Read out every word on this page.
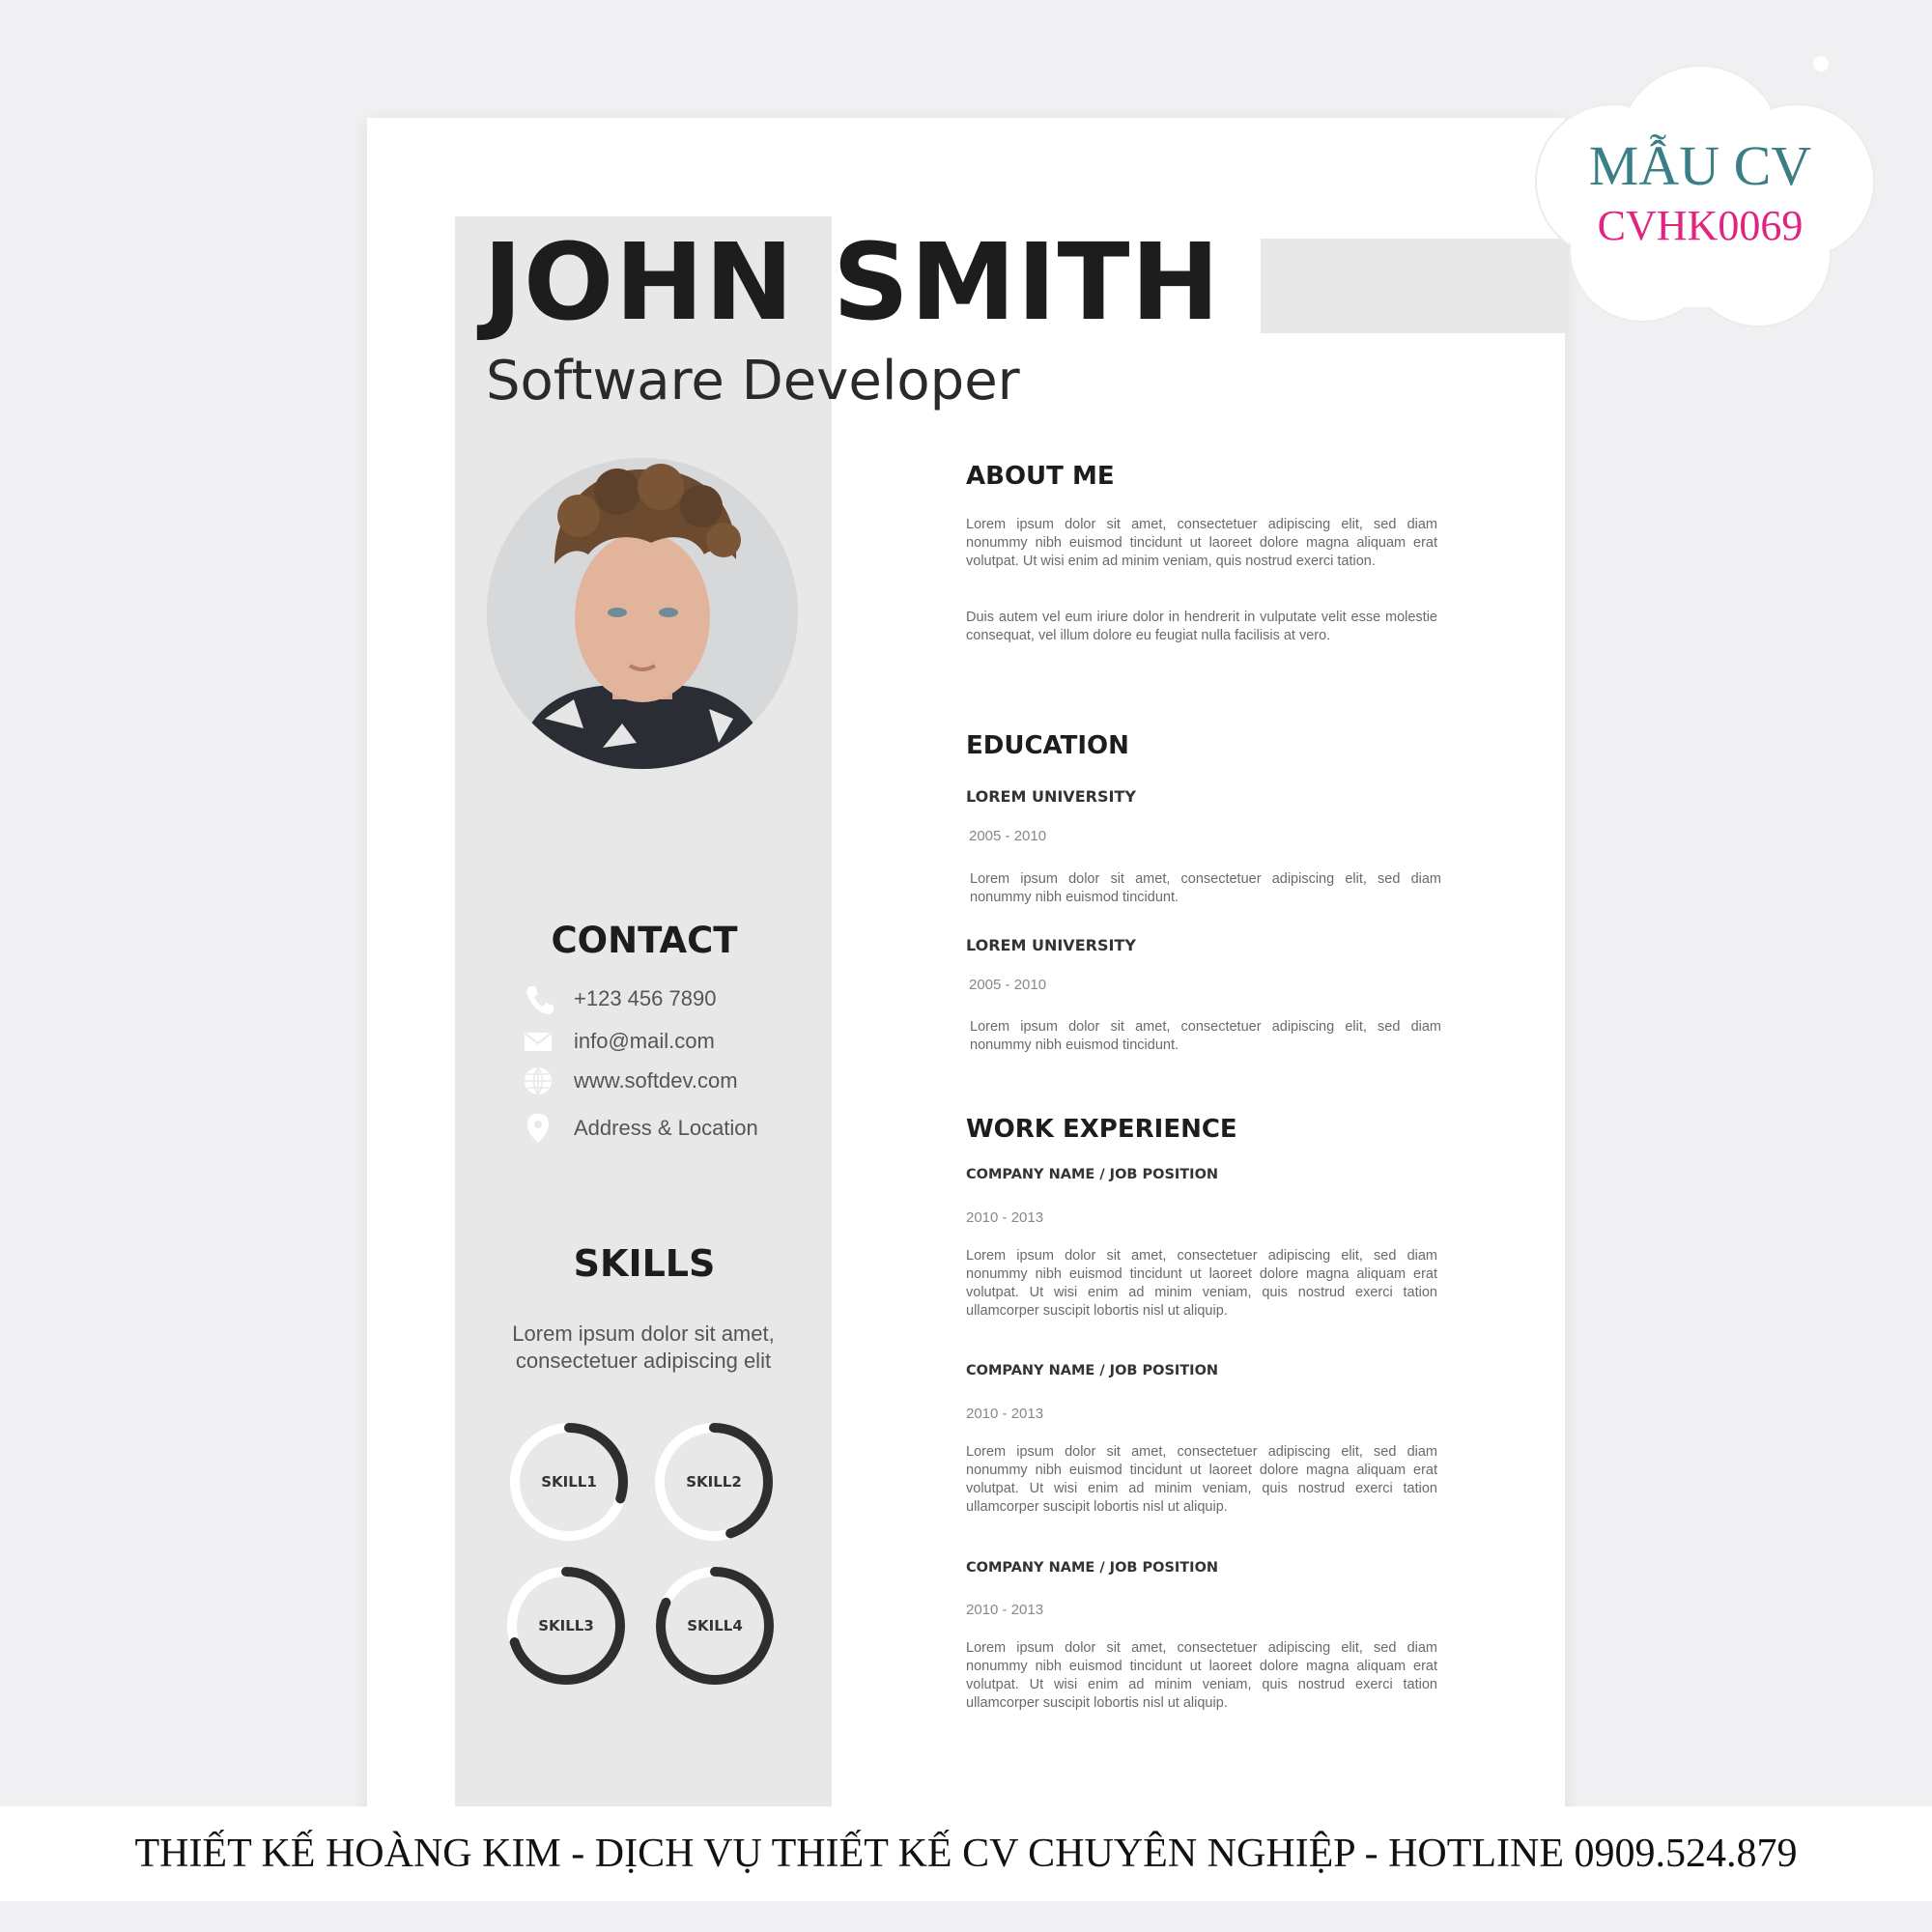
JOHN SMITH
Software Developer
CONTACT
+123 456 7890
info@mail.com
www.softdev.com
Address & Location
SKILLS
Lorem ipsum dolor sit amet, consectetuer adipiscing elit
SKILL1	SKILL2
SKILL3	SKILL4
ABOUT ME
Lorem ipsum dolor sit amet, consectetuer adipiscing elit, sed diam nonummy nibh euismod tincidunt ut laoreet dolore magna aliquam erat volutpat. Ut wisi enim ad minim veniam, quis nostrud exerci tation.
Duis autem vel eum iriure dolor in hendrerit in vulputate velit esse molestie consequat, vel illum dolore eu feugiat nulla facilisis at vero.
EDUCATION
LOREM UNIVERSITY
2005 - 2010
Lorem ipsum dolor sit amet, consectetuer adipiscing elit, sed diam nonummy nibh euismod tincidunt.
LOREM UNIVERSITY
2005 - 2010
Lorem ipsum dolor sit amet, consectetuer adipiscing elit, sed diam nonummy nibh euismod tincidunt.
WORK EXPERIENCE
COMPANY NAME / JOB POSITION
2010 - 2013
Lorem ipsum dolor sit amet, consectetuer adipiscing elit, sed diam nonummy nibh euismod tincidunt ut laoreet dolore magna aliquam erat volutpat. Ut wisi enim ad minim veniam, quis nostrud exerci tation ullamcorper suscipit lobortis nisl ut aliquip.
COMPANY NAME / JOB POSITION
2010 - 2013
Lorem ipsum dolor sit amet, consectetuer adipiscing elit, sed diam nonummy nibh euismod tincidunt ut laoreet dolore magna aliquam erat volutpat. Ut wisi enim ad minim veniam, quis nostrud exerci tation ullamcorper suscipit lobortis nisl ut aliquip.
COMPANY NAME / JOB POSITION
2010 - 2013
Lorem ipsum dolor sit amet, consectetuer adipiscing elit, sed diam nonummy nibh euismod tincidunt ut laoreet dolore magna aliquam erat volutpat. Ut wisi enim ad minim veniam, quis nostrud exerci tation ullamcorper suscipit lobortis nisl ut aliquip.
MẪU CV
CVHK0069
THIẾT KẾ HOÀNG KIM - DỊCH VỤ THIẾT KẾ CV CHUYÊN NGHIỆP - HOTLINE 0909.524.879
